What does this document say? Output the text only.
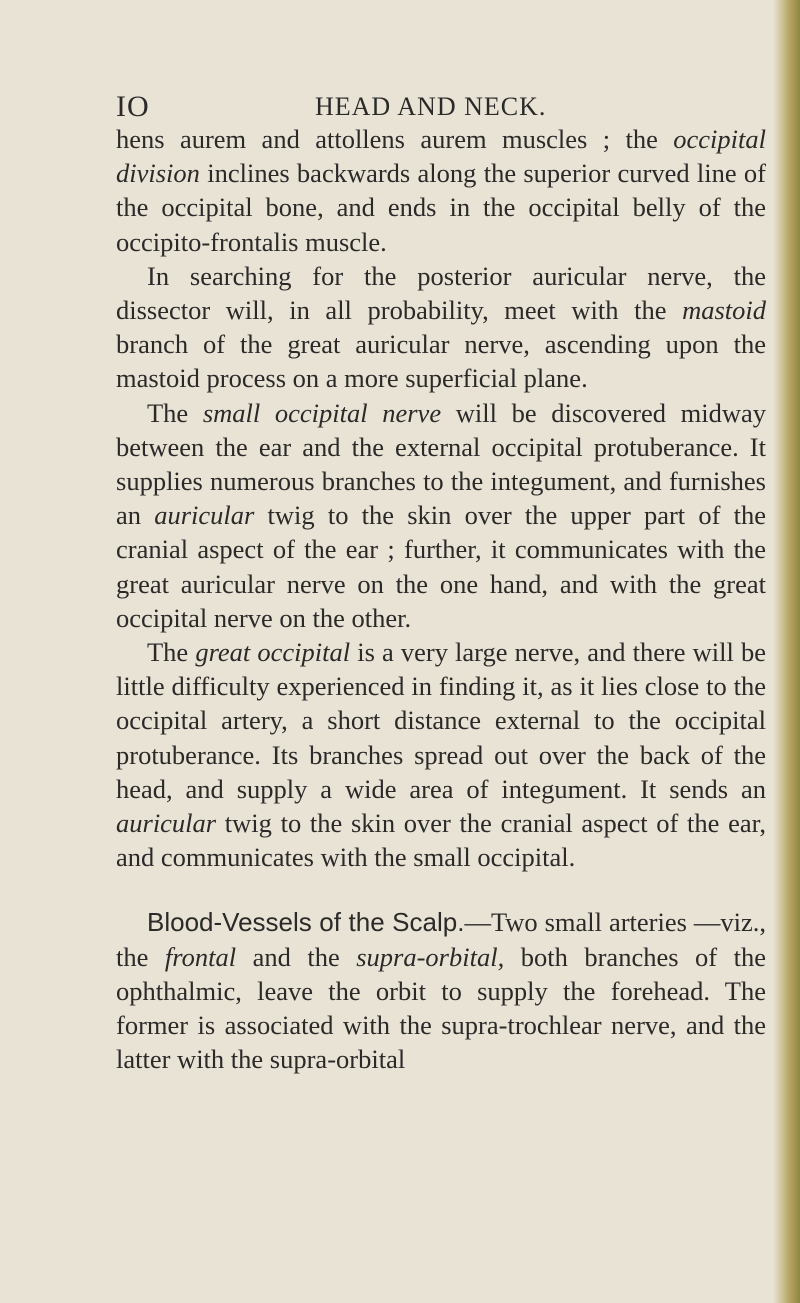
IO	HEAD AND NECK.

hens aurem and attollens aurem muscles ; the occipital division inclines backwards along the superior curved line of the occipital bone, and ends in the occipital belly of the occipito-frontalis muscle.

In searching for the posterior auricular nerve, the dissector will, in all probability, meet with the mastoid branch of the great auricular nerve, ascending upon the mastoid process on a more superficial plane.

The small occipital nerve will be discovered midway between the ear and the external occipital protuberance. It supplies numerous branches to the integument, and furnishes an auricular twig to the skin over the upper part of the cranial aspect of the ear ; further, it communicates with the great auricular nerve on the one hand, and with the great occipital nerve on the other.

The great occipital is a very large nerve, and there will be little difficulty experienced in finding it, as it lies close to the occipital artery, a short distance external to the occipital protuberance. Its branches spread out over the back of the head, and supply a wide area of integument. It sends an auricular twig to the skin over the cranial aspect of the ear, and communicates with the small occipital.

Blood-Vessels of the Scalp.—Two small arteries —viz., the frontal and the supra-orbital, both branches of the ophthalmic, leave the orbit to supply the forehead. The former is associated with the supra-trochlear nerve, and the latter with the supra-orbital
